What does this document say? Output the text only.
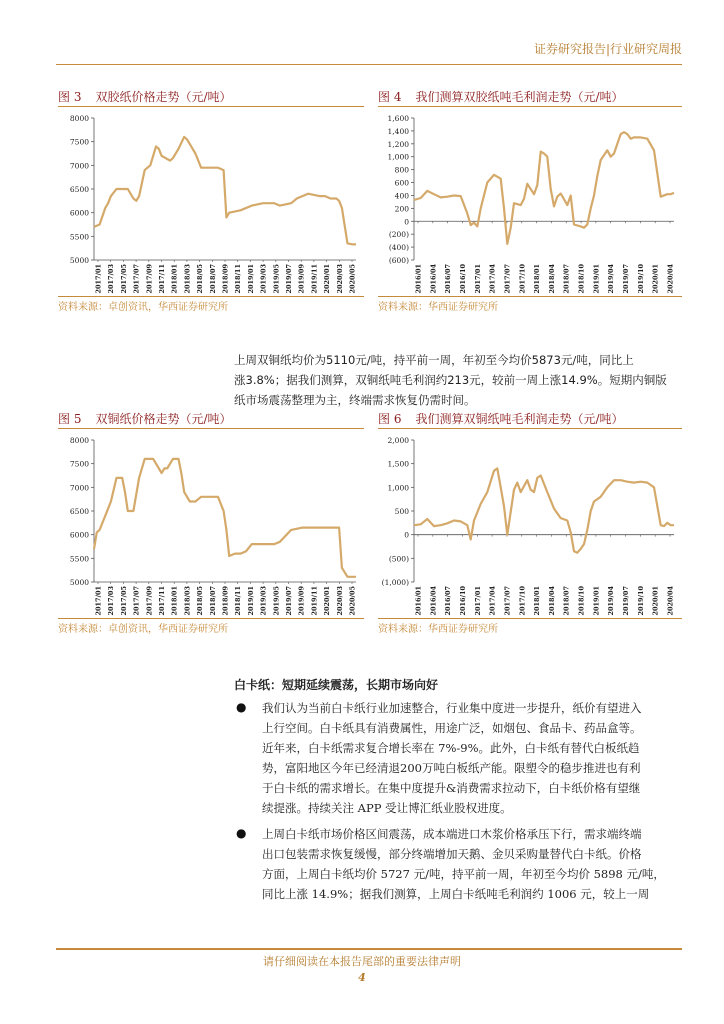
证券研究报告|行业研究周报
图 3 双胶纸价格走势（元/吨）
5000
5500
6000
6500
7000
7500
8000
2017/01 2017/03 2017/05 2017/07 2017/09 2017/11 2018/01 2018/03 2018/05 2018/07 2018/09 2018/11 2019/01 2019/03 2019/05 2019/07 2019/09 2019/11 2020/01 2020/03 2020/05
资料来源：卓创资讯，华西证券研究所
图 4 我们测算双胶纸吨毛利润走势（元/吨）
(600)
(400)
(200)
0
200
400
600
800
1,000
1,200
1,400
1,600
2016/01 2016/04 2016/07 2016/10 2017/01 2017/04 2017/07 2017/10 2018/01 2018/04 2018/07 2018/10 2019/01 2019/04 2019/07 2019/10 2020/01 2020/04
资料来源：华西证券研究所
上周双铜纸均价为5110元/吨，持平前一周，年初至今均价5873元/吨，同比上
涨3.8%；据我们测算，双铜纸吨毛利润约213元，较前一周上涨14.9%。短期内铜版
纸市场震荡整理为主，终端需求恢复仍需时间。
图 5 双铜纸价格走势（元/吨）
5000
5500
6000
6500
7000
7500
8000
2017/01 2017/03 2017/05 2017/07 2017/09 2017/11 2018/01 2018/03 2018/05 2018/07 2018/09 2018/11 2019/01 2019/03 2019/05 2019/07 2019/09 2019/11 2020/01 2020/03 2020/05
资料来源：卓创资讯，华西证券研究所
图 6 我们测算双铜纸吨毛利润走势（元/吨）
(1,000)
(500)
0
500
1,000
1,500
2,000
2016/01 2016/04 2016/07 2016/10 2017/01 2017/04 2017/07 2017/10 2018/01 2018/04 2018/07 2018/10 2019/01 2019/04 2019/07 2019/10 2020/01 2020/04
资料来源：华西证券研究所
白卡纸：短期延续震荡，长期市场向好
● 我们认为当前白卡纸行业加速整合，行业集中度进一步提升，纸价有望进入
上行空间。白卡纸具有消费属性，用途广泛，如烟包、食品卡、药品盒等。
近年来，白卡纸需求复合增长率在 7%-9%。此外，白卡纸有替代白板纸趋
势，富阳地区今年已经清退200万吨白板纸产能。限塑令的稳步推进也有利
于白卡纸的需求增长。在集中度提升&消费需求拉动下，白卡纸价格有望继
续提涨。持续关注 APP 受让博汇纸业股权进度。
● 上周白卡纸市场价格区间震荡，成本端进口木浆价格承压下行，需求端终端
出口包装需求恢复缓慢，部分终端增加天鹅、金贝采购量替代白卡纸。价格
方面，上周白卡纸均价 5727 元/吨，持平前一周，年初至今均价 5898 元/吨，
同比上涨 14.9%；据我们测算，上周白卡纸吨毛利润约 1006 元，较上一周
请仔细阅读在本报告尾部的重要法律声明
4
